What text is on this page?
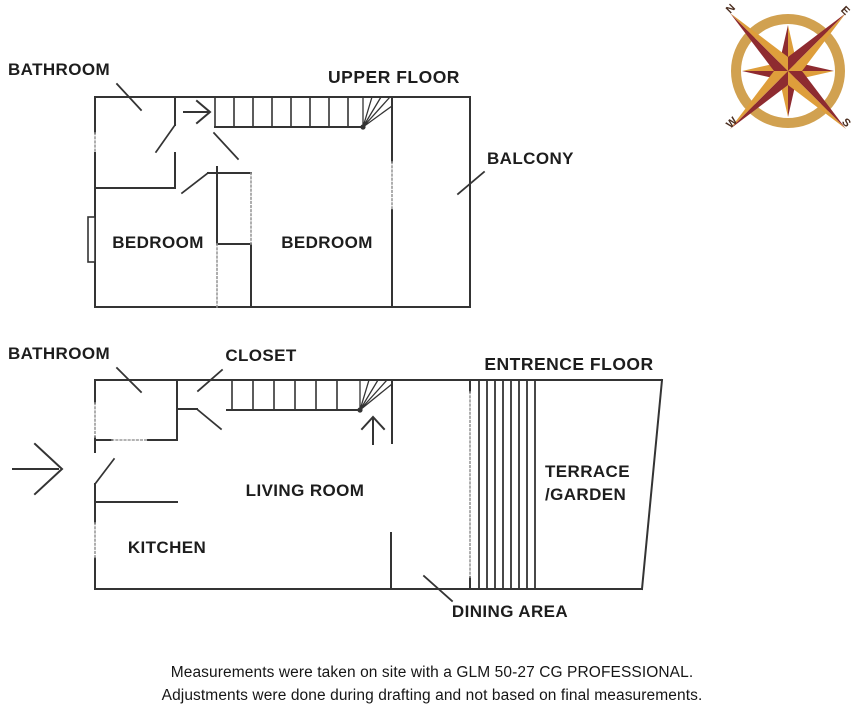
BATHROOM	UPPER FLOOR
BEDROOM	BEDROOM
BALCONY
BATHROOM	CLOSET	ENTRENCE FLOOR
LIVING ROOM
KITCHEN
TERRACE
/GARDEN
DINING AREA
N	E
W	S
Measurements were taken on site with a GLM 50-27 CG PROFESSIONAL.
Adjustments were done during drafting and not based on final measurements.
